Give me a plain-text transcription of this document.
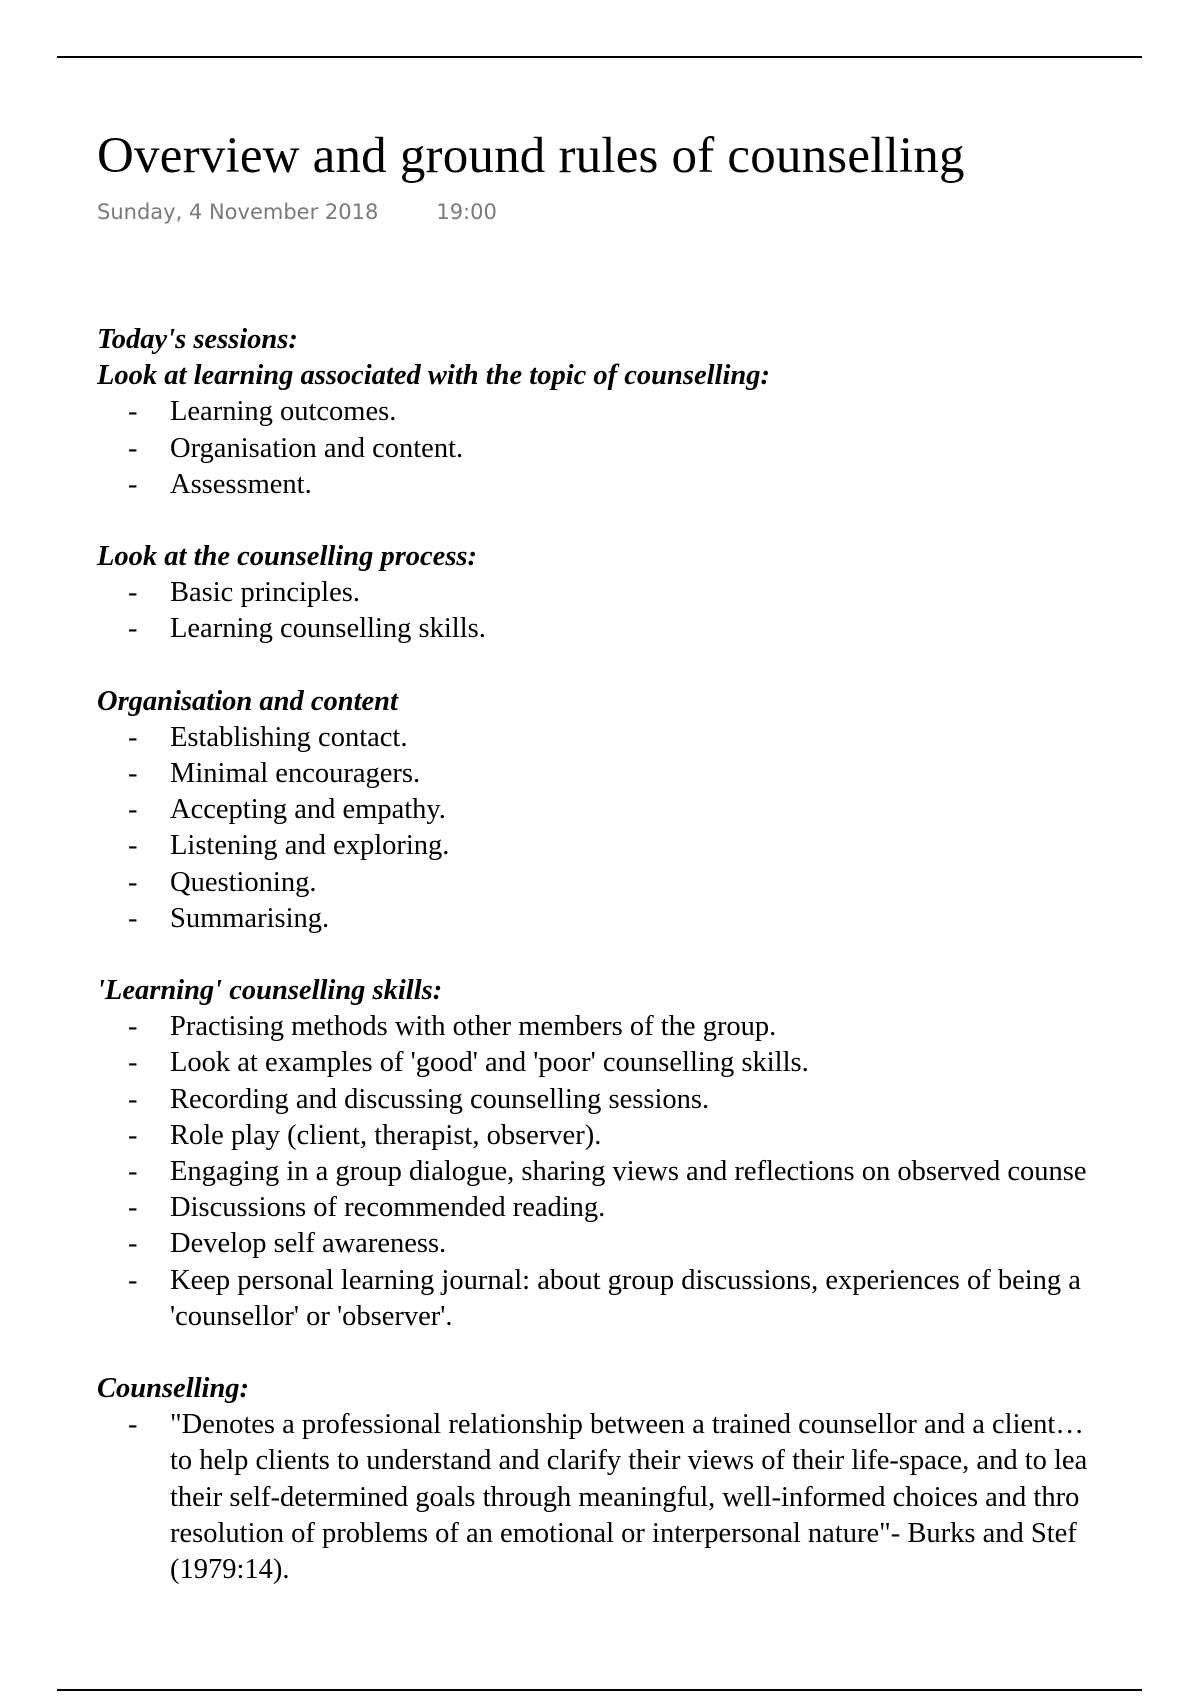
Overview and ground rules of counselling
Sunday, 4 November 2018	19:00
Today's sessions:
Look at learning associated with the topic of counselling:
- Learning outcomes.
- Organisation and content.
- Assessment.
Look at the counselling process:
- Basic principles.
- Learning counselling skills.
Organisation and content
- Establishing contact.
- Minimal encouragers.
- Accepting and empathy.
- Listening and exploring.
- Questioning.
- Summarising.
'Learning' counselling skills:
- Practising methods with other members of the group.
- Look at examples of 'good' and 'poor' counselling skills.
- Recording and discussing counselling sessions.
- Role play (client, therapist, observer).
- Engaging in a group dialogue, sharing views and reflections on observed counse
- Discussions of recommended reading.
- Develop self awareness.
- Keep personal learning journal: about group discussions, experiences of being a
'counsellor' or 'observer'.
Counselling:
- "Denotes a professional relationship between a trained counsellor and a client…
to help clients to understand and clarify their views of their life-space, and to lea
their self-determined goals through meaningful, well-informed choices and thro
resolution of problems of an emotional or interpersonal nature"- Burks and Stef
(1979:14).
